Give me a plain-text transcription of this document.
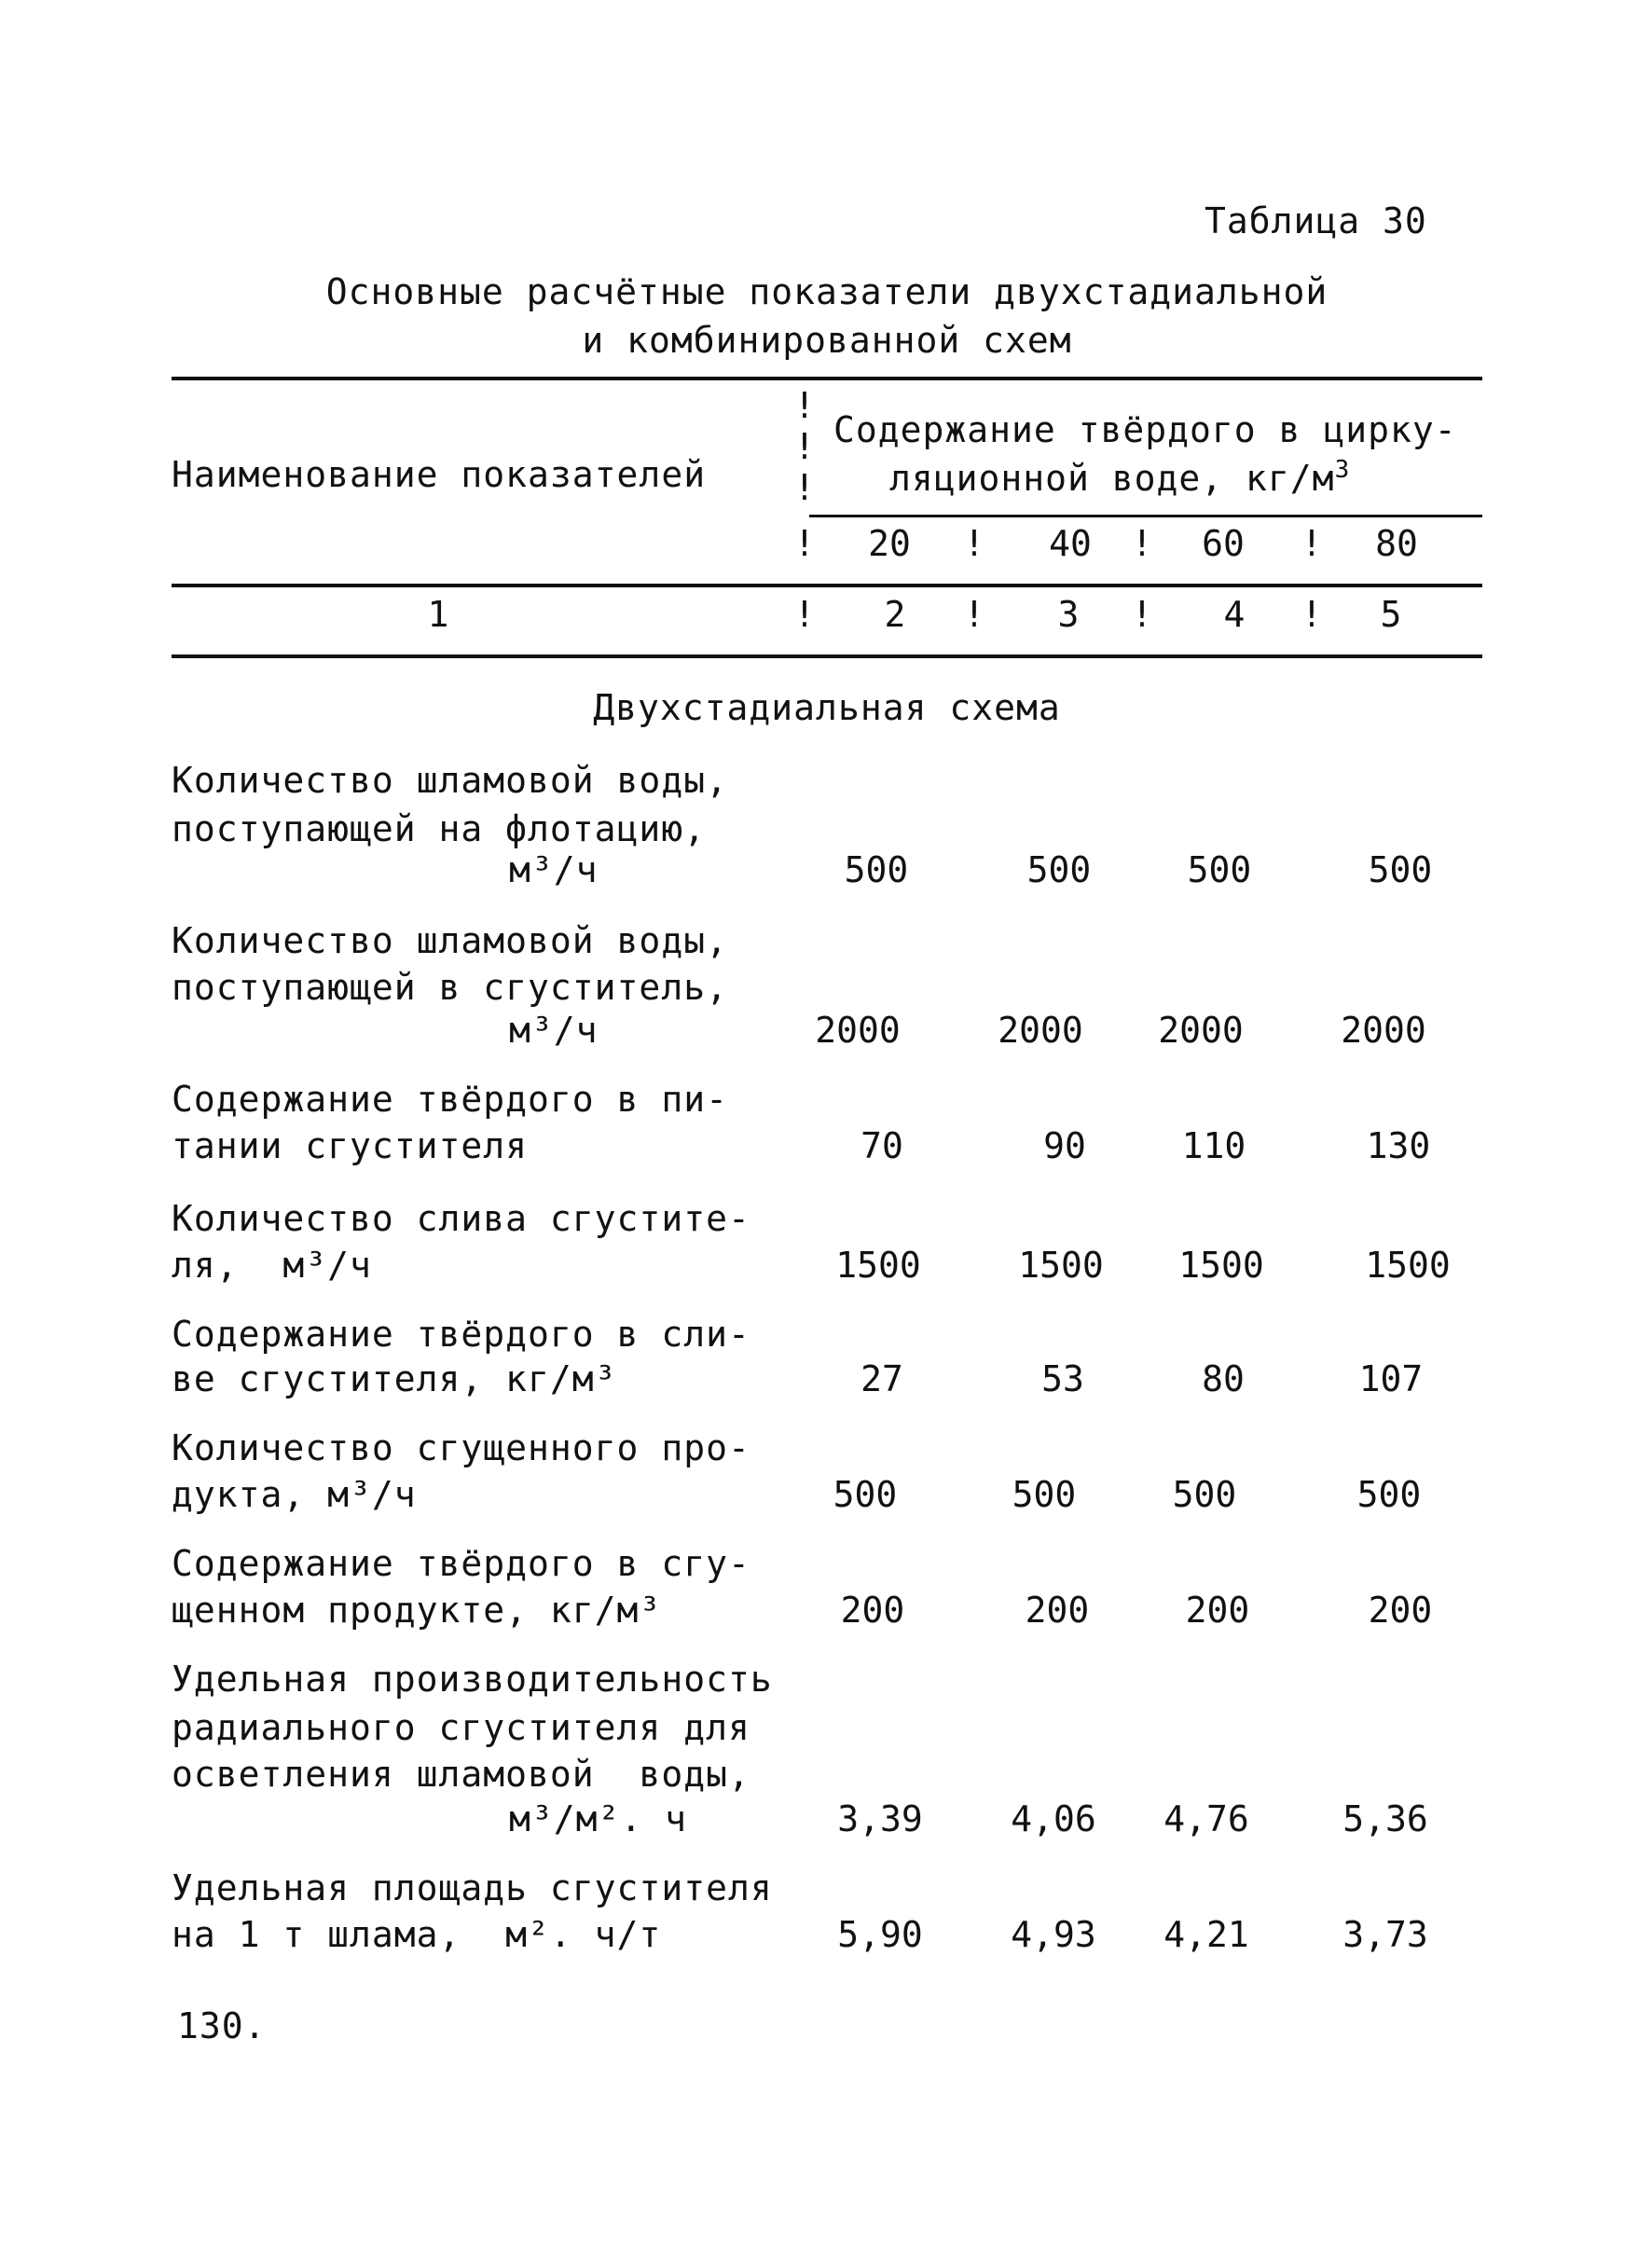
Таблица 30
Основные расчётные показатели двухстадиальной
и комбинированной схем
Наименование показателей
!
!
!
Содержание твёрдого в цирку-
ляционной воде, $кг/м^3$
!	20	!	40	!	60	!	80
1	!	2	!	3	!	4	!	5
Двухстадиальная схема
Количество шламовой воды,
поступающей на флотацию,
м³/ч	500	500	500	500
Количество шламовой воды,
поступающей в сгуститель,
м³/ч	2000	2000	2000	2000
Содержание твёрдого в пи-
тании сгустителя	70	90	110	130
Количество слива сгустите-
ля,  м³/ч	1500	1500	1500	1500
Содержание твёрдого в сли-
ве сгустителя, кг/м³	27	53	80	107
Количество сгущенного про-
дукта, м³/ч	500	500	500	500
Содержание твёрдого в сгу-
щенном продукте, кг/м³	200	200	200	200
Удельная производительность
радиального сгустителя для
осветления шламовой  воды,
м³/м². ч	3,39	4,06	4,76	5,36
Удельная площадь сгустителя
на 1 т шлама,  м². ч/т	5,90	4,93	4,21	3,73
130.
